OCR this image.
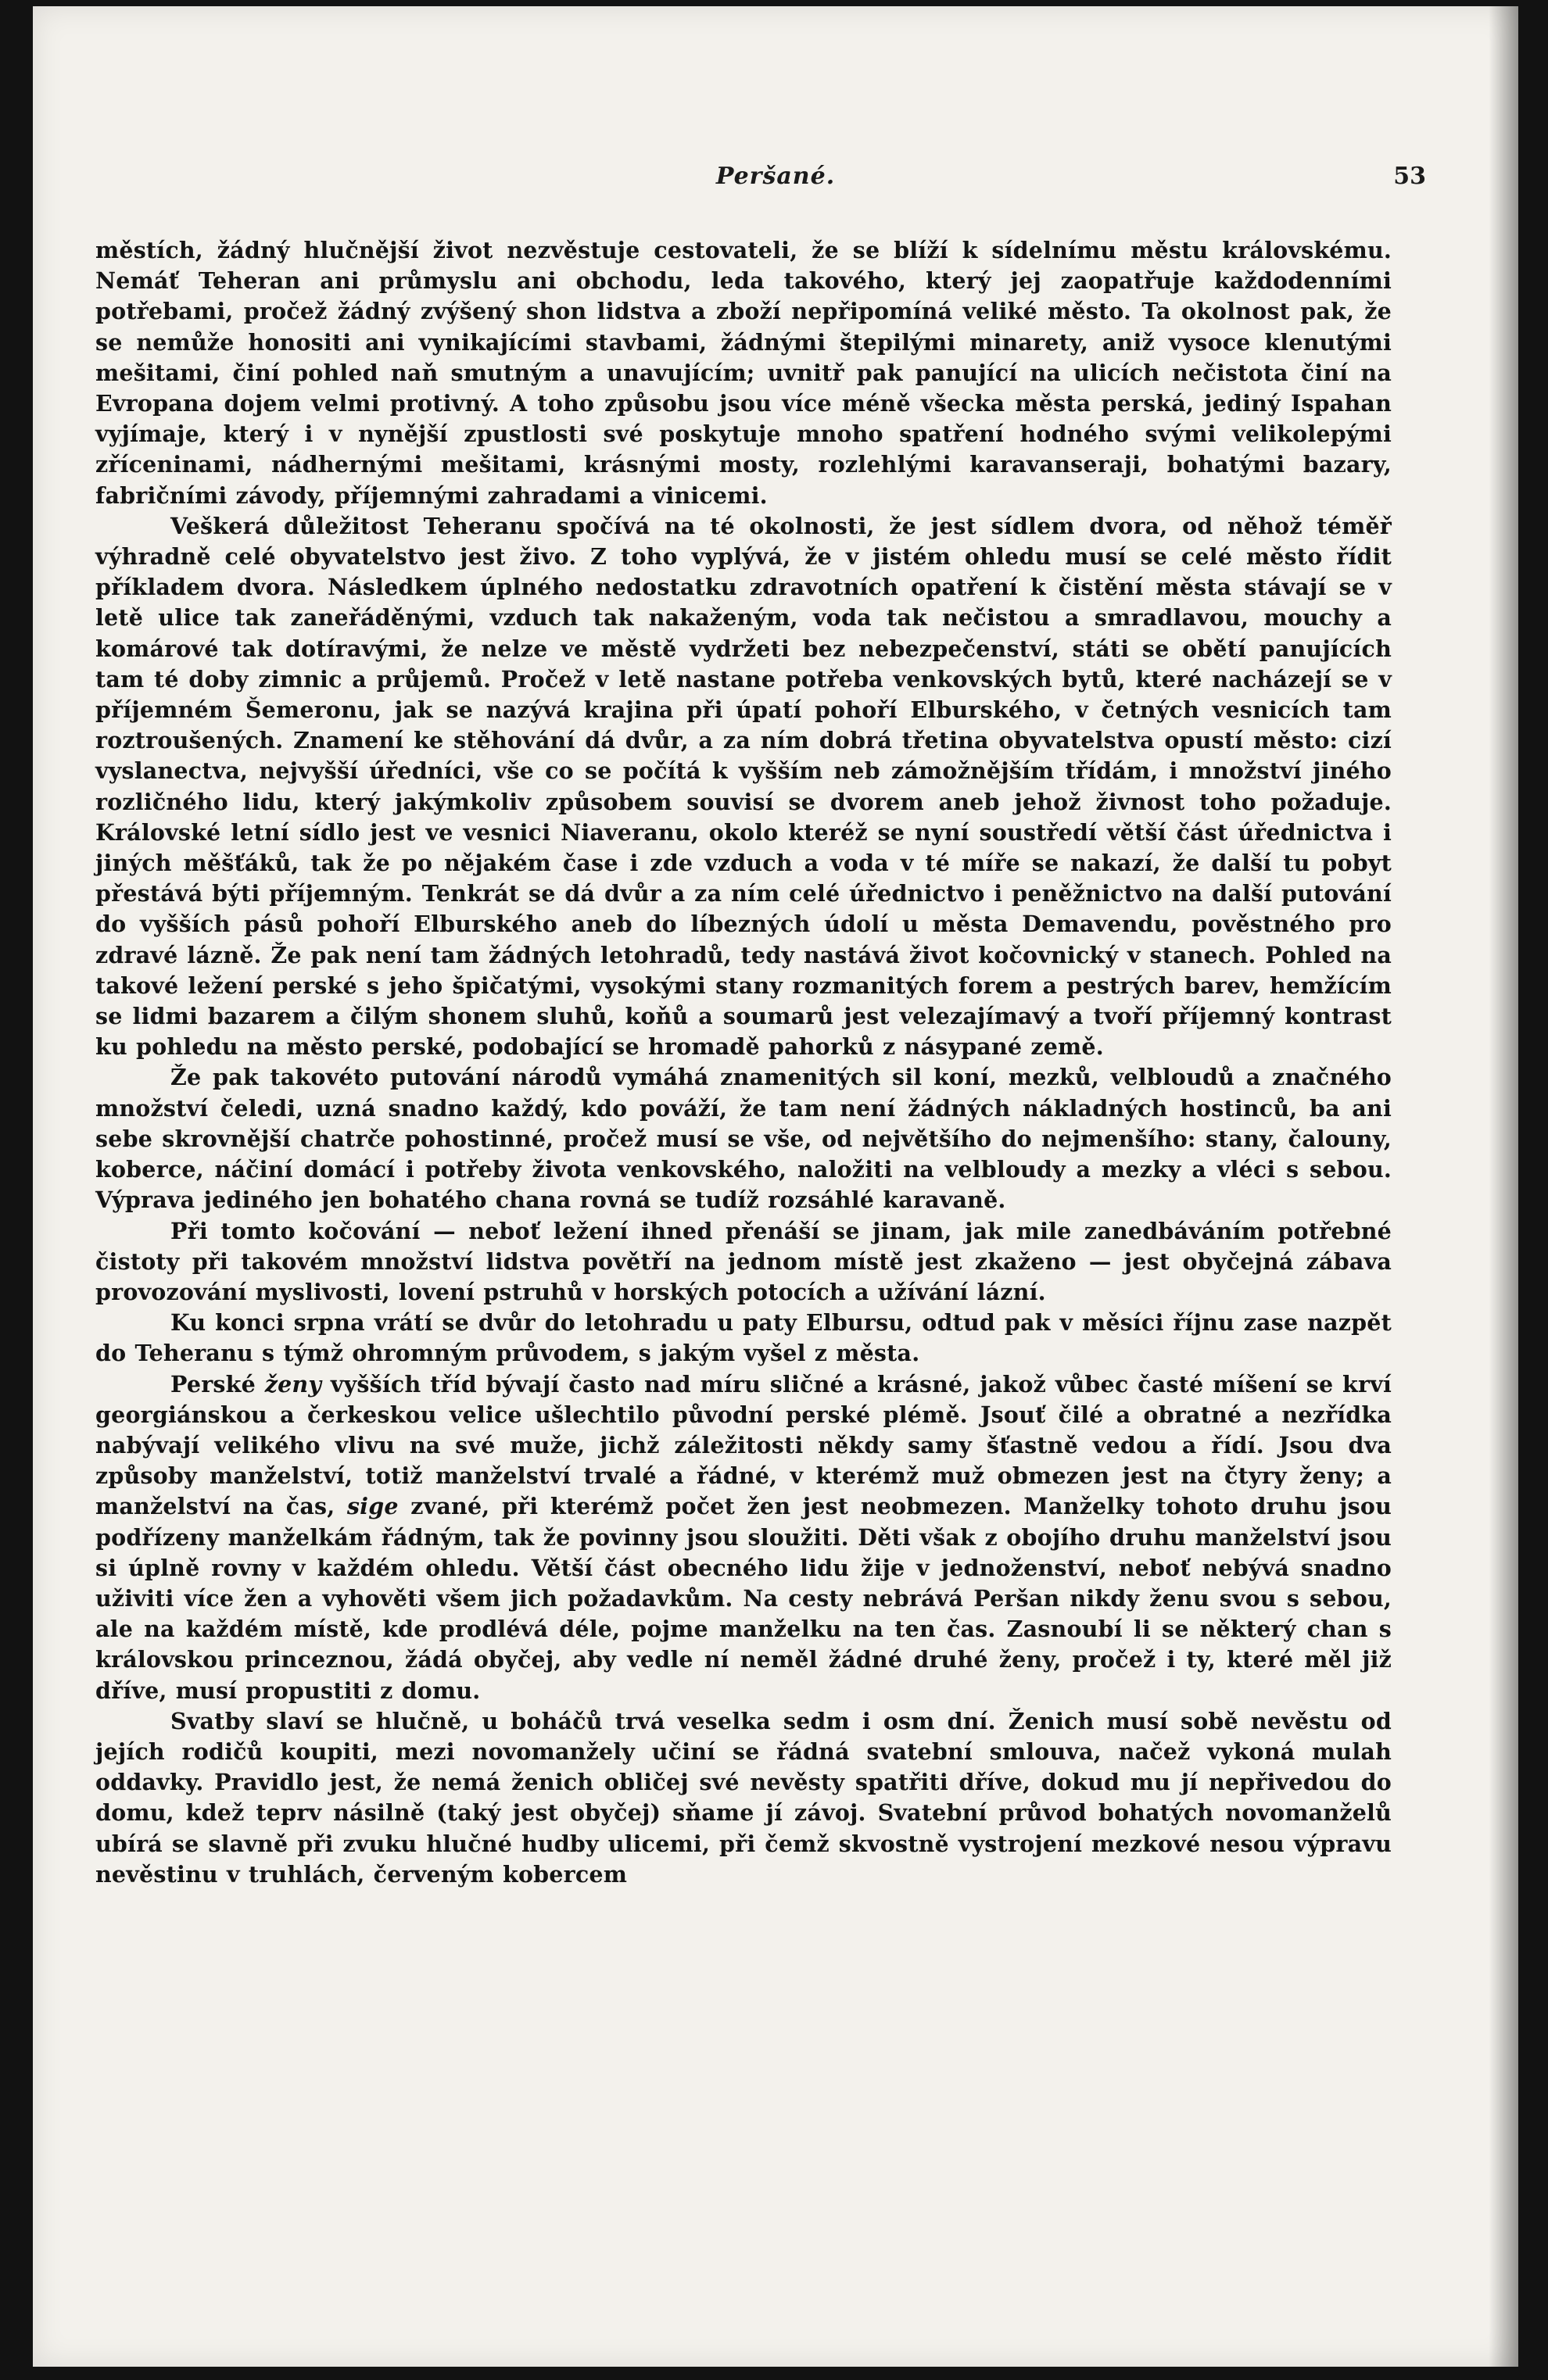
Peršané.	53

městích, žádný hlučnější život nezvěstuje cestovateli, že se blíží k sídelnímu městu královskému. Nemáť Teheran ani průmyslu ani obchodu, leda takového, který jej zaopatřuje každodenními potřebami, pročež žádný zvýšený shon lidstva a zboží nepřipomíná veliké město. Ta okolnost pak, že se nemůže honositi ani vynikajícími stavbami, žádnými štepilými minarety, aniž vysoce klenutými mešitami, činí pohled naň smutným a unavujícím; uvnitř pak panující na ulicích nečistota činí na Evropana dojem velmi protivný. A toho způsobu jsou více méně všecka města perská, jediný Ispahan vyjímaje, který i v nynější zpustlosti své poskytuje mnoho spatření hodného svými velikolepými zříceninami, nádhernými mešitami, krásnými mosty, rozlehlými karavanseraji, bohatými bazary, fabričními závody, příjemnými zahradami a vinicemi.

Veškerá důležitost Teheranu spočívá na té okolnosti, že jest sídlem dvora, od něhož téměř výhradně celé obyvatelstvo jest živo. Z toho vyplývá, že v jistém ohledu musí se celé město řídit příkladem dvora. Následkem úplného nedostatku zdravotních opatření k čistění města stávají se v letě ulice tak zaneřáděnými, vzduch tak nakaženým, voda tak nečistou a smradlavou, mouchy a komárové tak dotíravými, že nelze ve městě vydržeti bez nebezpečenství, státi se obětí panujících tam té doby zimnic a průjemů. Pročež v letě nastane potřeba venkovských bytů, které nacházejí se v příjemném Šemeronu, jak se nazývá krajina při úpatí pohoří Elburského, v četných vesnicích tam roztroušených. Znamení ke stěhování dá dvůr, a za ním dobrá třetina obyvatelstva opustí město: cizí vyslanectva, nejvyšší úředníci, vše co se počítá k vyšším neb zámožnějším třídám, i množství jiného rozličného lidu, který jakýmkoliv způsobem souvisí se dvorem aneb jehož živnost toho požaduje. Královské letní sídlo jest ve vesnici Niaveranu, okolo kteréž se nyní soustředí větší část úřednictva i jiných měšťáků, tak že po nějakém čase i zde vzduch a voda v té míře se nakazí, že další tu pobyt přestává býti příjemným. Tenkrát se dá dvůr a za ním celé úřednictvo i peněžnictvo na další putování do vyšších pásů pohoří Elburského aneb do líbezných údolí u města Demavendu, pověstného pro zdravé lázně. Že pak není tam žádných letohradů, tedy nastává život kočovnický v stanech. Pohled na takové ležení perské s jeho špičatými, vysokými stany rozmanitých forem a pestrých barev, hemžícím se lidmi bazarem a čilým shonem sluhů, koňů a soumarů jest velezajímavý a tvoří příjemný kontrast ku pohledu na město perské, podobající se hromadě pahorků z násypané země.

Že pak takovéto putování národů vymáhá znamenitých sil koní, mezků, velbloudů a značného množství čeledi, uzná snadno každý, kdo pováží, že tam není žádných nákladných hostinců, ba ani sebe skrovnější chatrče pohostinné, pročež musí se vše, od největšího do nejmenšího: stany, čalouny, koberce, náčiní domácí i potřeby života venkovského, naložiti na velbloudy a mezky a vléci s sebou. Výprava jediného jen bohatého chana rovná se tudíž rozsáhlé karavaně.

Při tomto kočování — neboť ležení ihned přenáší se jinam, jak mile zanedbáváním potřebné čistoty při takovém množství lidstva povětří na jednom místě jest zkaženo — jest obyčejná zábava provozování myslivosti, lovení pstruhů v horských potocích a užívání lázní.

Ku konci srpna vrátí se dvůr do letohradu u paty Elbursu, odtud pak v měsíci říjnu zase nazpět do Teheranu s týmž ohromným průvodem, s jakým vyšel z města.

Perské ženy vyšších tříd bývají často nad míru sličné a krásné, jakož vůbec časté míšení se krví georgiánskou a čerkeskou velice ušlechtilo původní perské plémě. Jsouť čilé a obratné a nezřídka nabývají velikého vlivu na své muže, jichž záležitosti někdy samy šťastně vedou a řídí. Jsou dva způsoby manželství, totiž manželství trvalé a řádné, v kterémž muž obmezen jest na čtyry ženy; a manželství na čas, sige zvané, při kterémž počet žen jest neobmezen. Manželky tohoto druhu jsou podřízeny manželkám řádným, tak že povinny jsou sloužiti. Děti však z obojího druhu manželství jsou si úplně rovny v každém ohledu. Větší část obecného lidu žije v jednoženství, neboť nebývá snadno uživiti více žen a vyhověti všem jich požadavkům. Na cesty nebrává Peršan nikdy ženu svou s sebou, ale na každém místě, kde prodlévá déle, pojme manželku na ten čas. Zasnoubí li se některý chan s královskou princeznou, žádá obyčej, aby vedle ní neměl žádné druhé ženy, pročež i ty, které měl již dříve, musí propustiti z domu.

Svatby slaví se hlučně, u boháčů trvá veselka sedm i osm dní. Ženich musí sobě nevěstu od jejích rodičů koupiti, mezi novomanžely učiní se řádná svatební smlouva, načež vykoná mulah oddavky. Pravidlo jest, že nemá ženich obličej své nevěsty spatřiti dříve, dokud mu jí nepřivedou do domu, kdež teprv násilně (taký jest obyčej) sňame jí závoj. Svatební průvod bohatých novomanželů ubírá se slavně při zvuku hlučné hudby ulicemi, při čemž skvostně vystrojení mezkové nesou výpravu nevěstinu v truhlách, červeným kobercem
